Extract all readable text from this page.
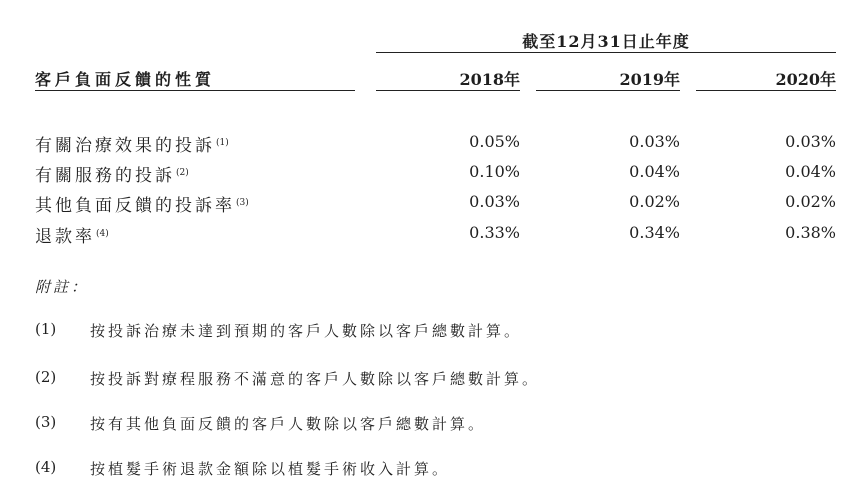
截至12月31日止年度
客戶負面反饋的性質	2018年	2019年	2020年
有關治療效果的投訴$^{(1)}$	0.05%	0.03%	0.03%
有關服務的投訴$^{(2)}$	0.10%	0.04%	0.04%
其他負面反饋的投訴率$^{(3)}$	0.03%	0.02%	0.02%
退款率$^{(4)}$	0.33%	0.34%	0.38%
附註：
(1) 按投訴治療未達到預期的客戶人數除以客戶總數計算。
(2) 按投訴對療程服務不滿意的客戶人數除以客戶總數計算。
(3) 按有其他負面反饋的客戶人數除以客戶總數計算。
(4) 按植髮手術退款金額除以植髮手術收入計算。
